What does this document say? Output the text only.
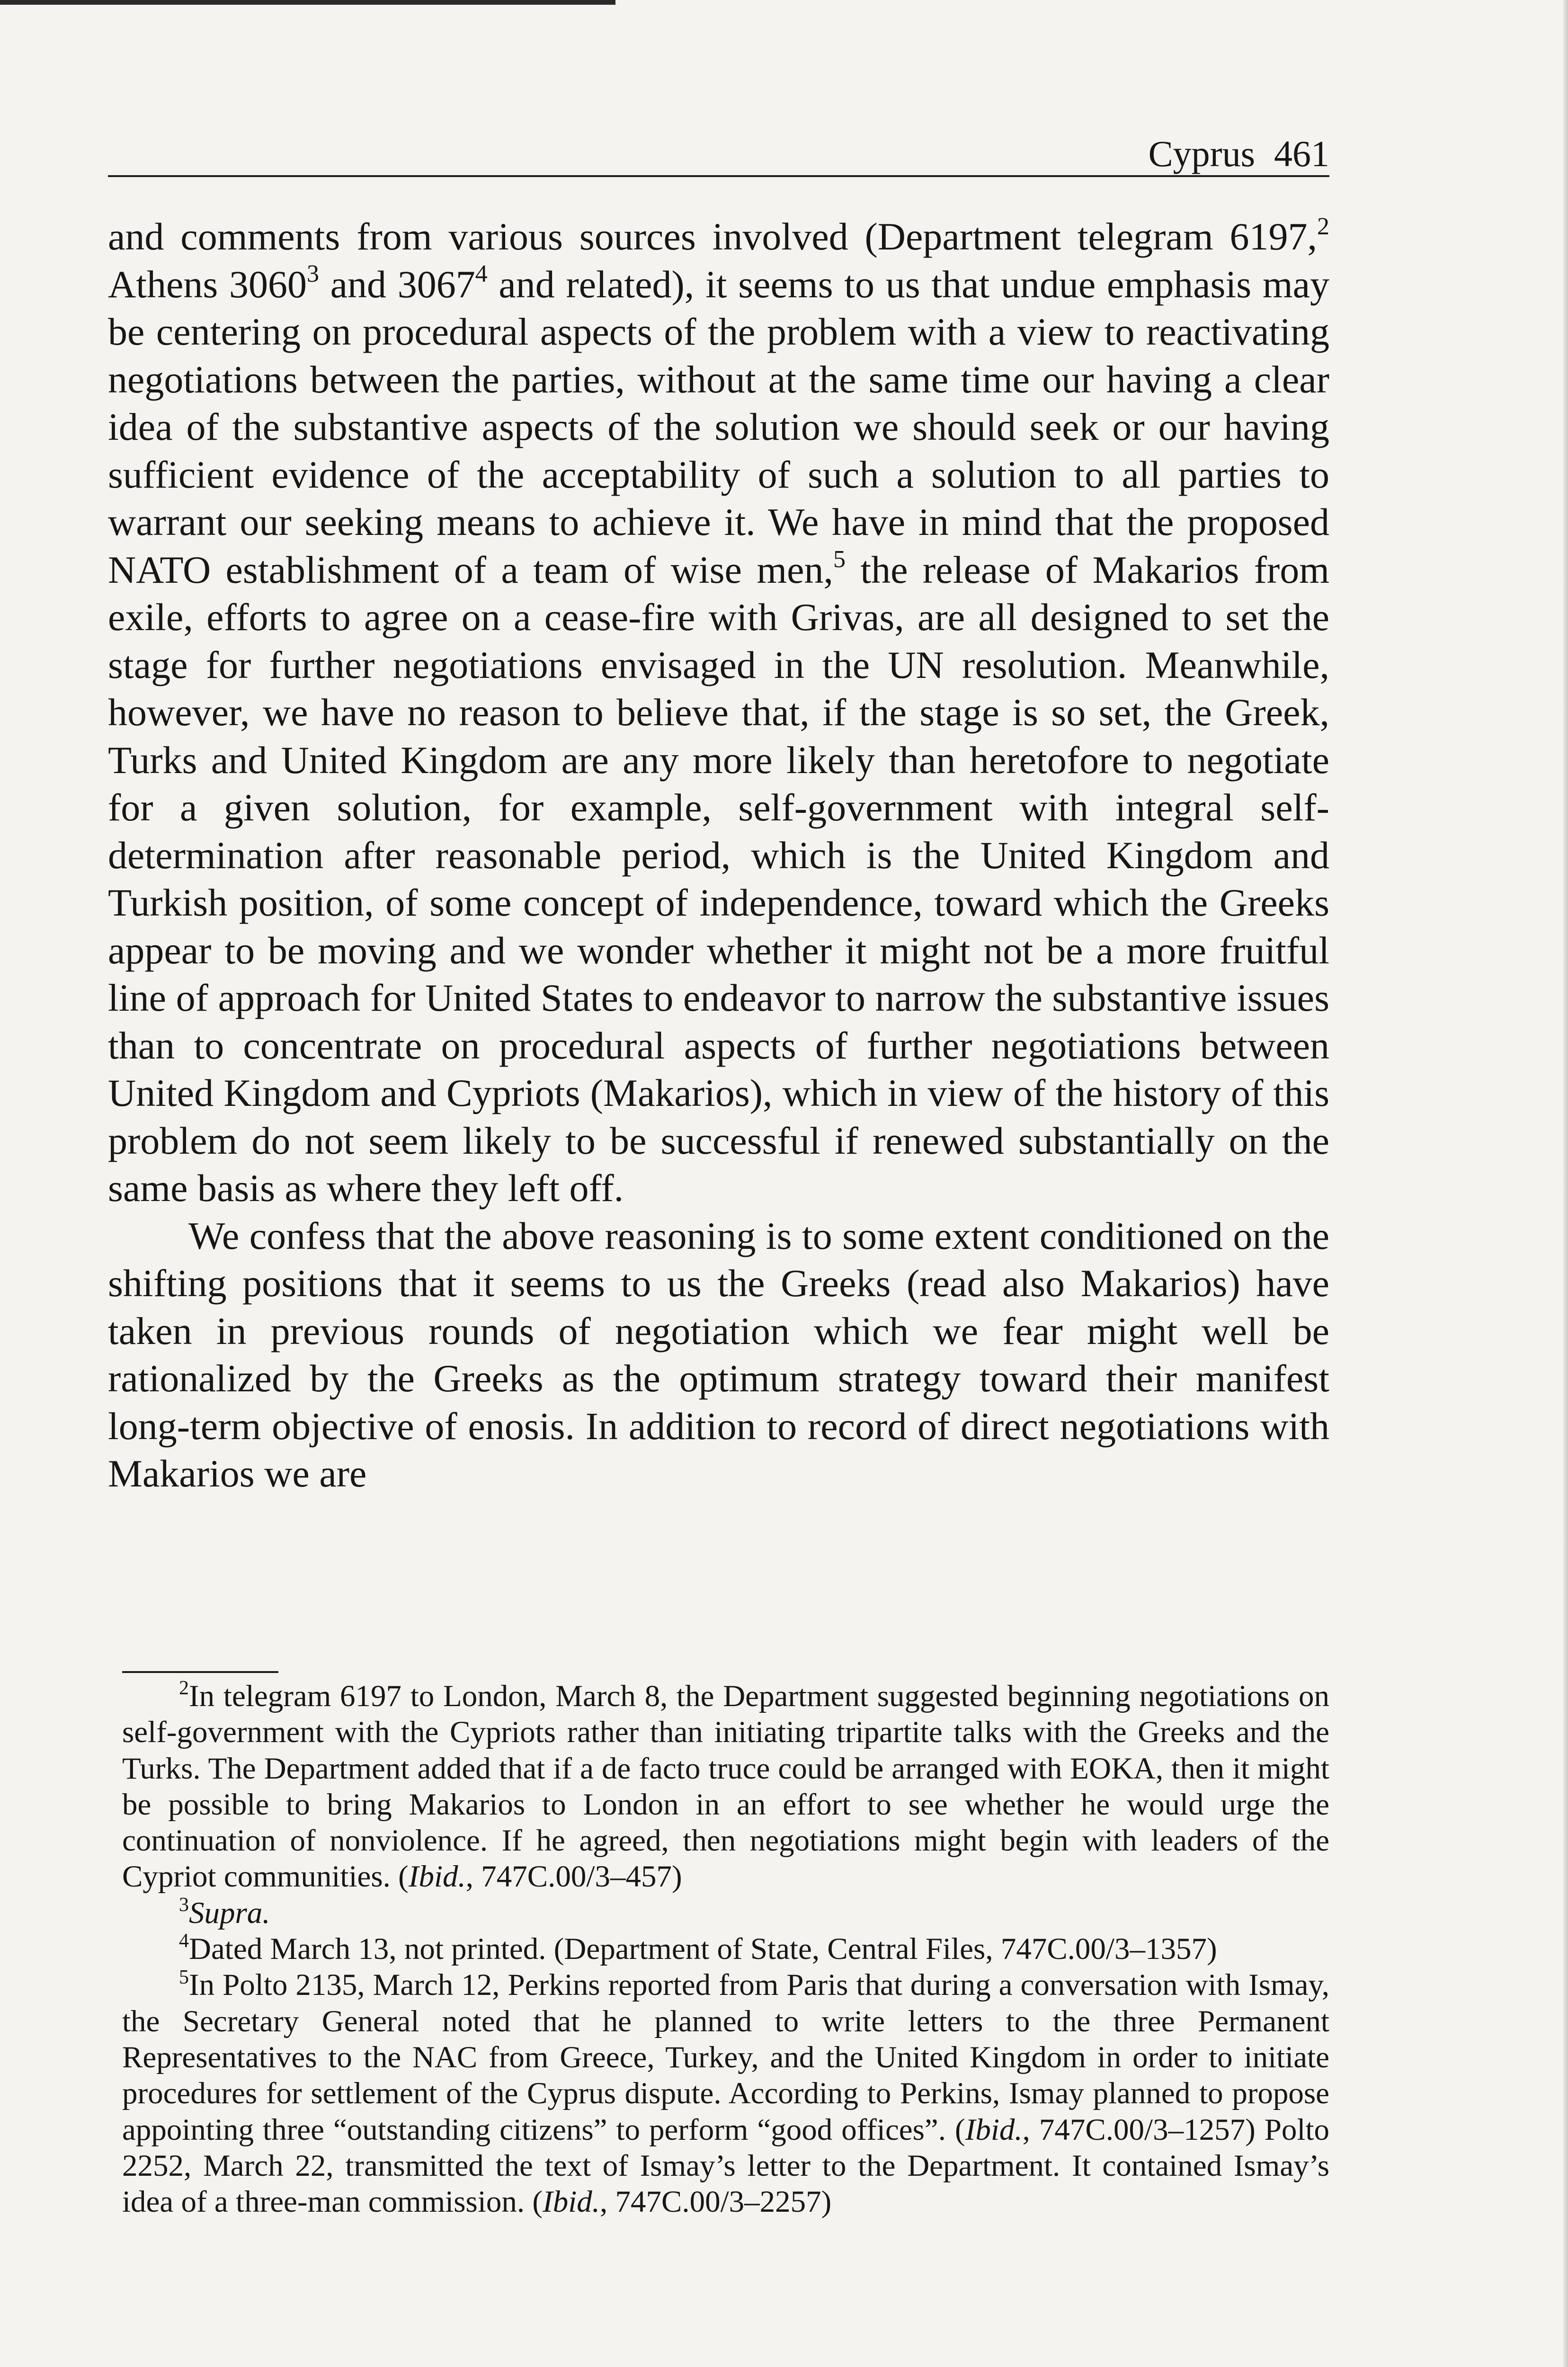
Cyprus 461

and comments from various sources involved (Department telegram 6197,$^2$ Athens 3060$^3$ and 3067$^4$ and related), it seems to us that undue emphasis may be centering on procedural aspects of the problem with a view to reactivating negotiations between the parties, without at the same time our having a clear idea of the substantive aspects of the solution we should seek or our having sufficient evidence of the acceptability of such a solution to all parties to warrant our seeking means to achieve it. We have in mind that the proposed NATO establishment of a team of wise men,$^5$ the release of Makarios from exile, efforts to agree on a cease-fire with Grivas, are all designed to set the stage for further negotiations envisaged in the UN resolution. Meanwhile, however, we have no reason to believe that, if the stage is so set, the Greek, Turks and United Kingdom are any more likely than heretofore to negotiate for a given solution, for example, self-government with integral self-determination after reasonable period, which is the United Kingdom and Turkish position, of some concept of independence, toward which the Greeks appear to be moving and we wonder whether it might not be a more fruitful line of approach for United States to endeavor to narrow the substantive issues than to concentrate on procedural aspects of further negotiations between United Kingdom and Cypriots (Makarios), which in view of the history of this problem do not seem likely to be successful if renewed substantially on the same basis as where they left off.

We confess that the above reasoning is to some extent conditioned on the shifting positions that it seems to us the Greeks (read also Makarios) have taken in previous rounds of negotiation which we fear might well be rationalized by the Greeks as the optimum strategy toward their manifest long-term objective of enosis. In addition to record of direct negotiations with Makarios we are

$^2$In telegram 6197 to London, March 8, the Department suggested beginning negotiations on self-government with the Cypriots rather than initiating tripartite talks with the Greeks and the Turks. The Department added that if a de facto truce could be arranged with EOKA, then it might be possible to bring Makarios to London in an effort to see whether he would urge the continuation of nonviolence. If he agreed, then negotiations might begin with leaders of the Cypriot communities. (Ibid., 747C.00/3–457)

$^3$Supra.

$^4$Dated March 13, not printed. (Department of State, Central Files, 747C.00/3–1357)

$^5$In Polto 2135, March 12, Perkins reported from Paris that during a conversation with Ismay, the Secretary General noted that he planned to write letters to the three Permanent Representatives to the NAC from Greece, Turkey, and the United Kingdom in order to initiate procedures for settlement of the Cyprus dispute. According to Perkins, Ismay planned to propose appointing three “outstanding citizens” to perform “good offices”. (Ibid., 747C.00/3–1257) Polto 2252, March 22, transmitted the text of Ismay’s letter to the Department. It contained Ismay’s idea of a three-man commission. (Ibid., 747C.00/3–2257)
